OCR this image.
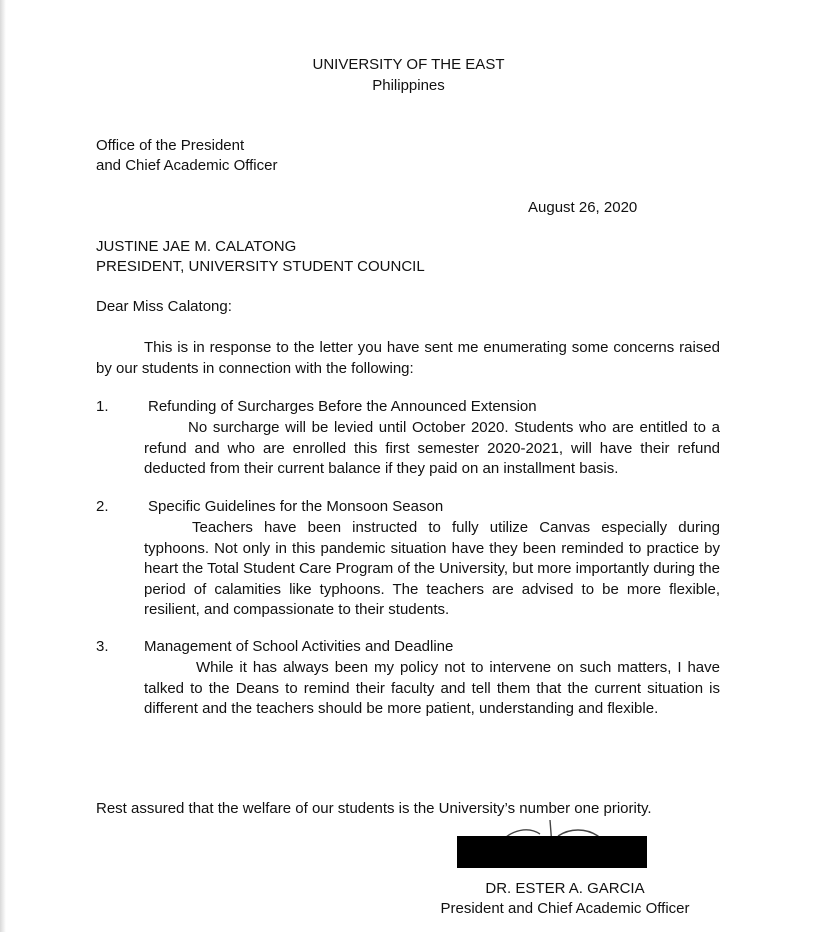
UNIVERSITY OF THE EAST
Philippines
Office of the President
and Chief Academic Officer
August 26, 2020
JUSTINE JAE M. CALATONG
PRESIDENT, UNIVERSITY STUDENT COUNCIL
Dear Miss Calatong:
This is in response to the letter you have sent me enumerating some concerns raised by our students in connection with the following:
1.	Refunding of Surcharges Before the Announced Extension
No surcharge will be levied until October 2020. Students who are entitled to a refund and who are enrolled this first semester 2020-2021, will have their refund deducted from their current balance if they paid on an installment basis.
2.	Specific Guidelines for the Monsoon Season
Teachers have been instructed to fully utilize Canvas especially during typhoons. Not only in this pandemic situation have they been reminded to practice by heart the Total Student Care Program of the University, but more importantly during the period of calamities like typhoons. The teachers are advised to be more flexible, resilient, and compassionate to their students.
3. Management of School Activities and Deadline
While it has always been my policy not to intervene on such matters, I have talked to the Deans to remind their faculty and tell them that the current situation is different and the teachers should be more patient, understanding and flexible.
Rest assured that the welfare of our students is the University’s number one priority.
DR. ESTER A. GARCIA
President and Chief Academic Officer
